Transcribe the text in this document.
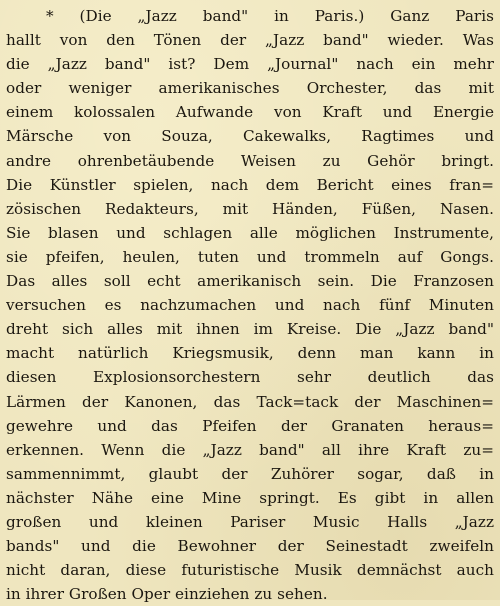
* (Die „Jazz band" in Paris.) Ganz Paris
hallt von den Tönen der „Jazz band" wieder. Was
die „Jazz band" ist? Dem „Journal" nach ein mehr
oder weniger amerikanisches Orchester, das mit
einem kolossalen Aufwande von Kraft und Energie
Märsche von Souza, Cakewalks, Ragtimes und
andre ohrenbetäubende Weisen zu Gehör bringt.
Die Künstler spielen, nach dem Bericht eines fran=
zösischen Redakteurs, mit Händen, Füßen, Nasen.
Sie blasen und schlagen alle möglichen Instrumente,
sie pfeifen, heulen, tuten und trommeln auf Gongs.
Das alles soll echt amerikanisch sein. Die Franzosen
versuchen es nachzumachen und nach fünf Minuten
dreht sich alles mit ihnen im Kreise. Die „Jazz band"
macht natürlich Kriegsmusik, denn man kann in
diesen Explosionsorchestern sehr deutlich das
Lärmen der Kanonen, das Tack=tack der Maschinen=
gewehre und das Pfeifen der Granaten heraus=
erkennen. Wenn die „Jazz band" all ihre Kraft zu=
sammennimmt, glaubt der Zuhörer sogar, daß in
nächster Nähe eine Mine springt. Es gibt in allen
großen und kleinen Pariser Music Halls „Jazz
bands" und die Bewohner der Seinestadt zweifeln
nicht daran, diese futuristische Musik demnächst auch
in ihrer Großen Oper einziehen zu sehen.
